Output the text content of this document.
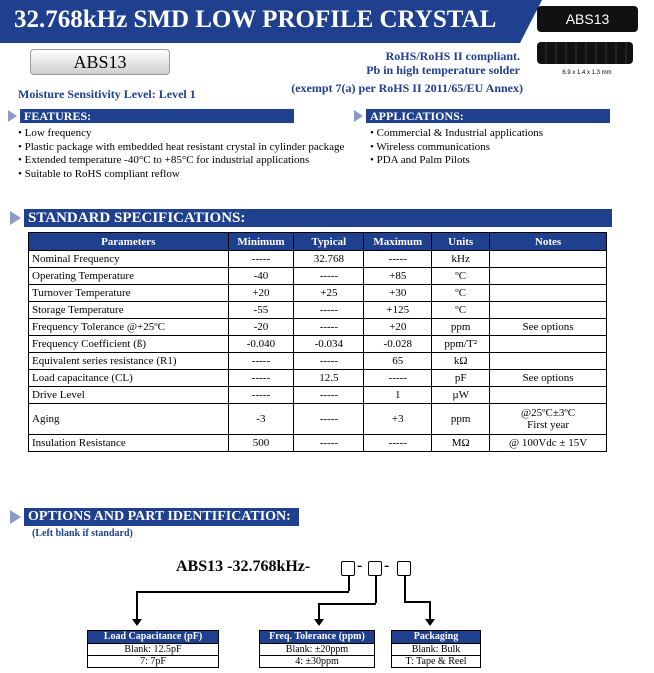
32.768kHz SMD LOW PROFILE CRYSTAL	ABS13
6.9 x 1.4 x 1.3 mm
ABS13	RoHS/RoHS II compliant.
Pb in high temperature solder
(exempt 7(a) per RoHS II 2011/65/EU Annex)
Moisture Sensitivity Level: Level 1
FEATURES:
• Low frequency
• Plastic package with embedded heat resistant crystal in cylinder package
• Extended temperature -40°C to +85°C for industrial applications
• Suitable to RoHS compliant reflow
APPLICATIONS:
• Commercial & Industrial applications
• Wireless communications
• PDA and Palm Pilots
STANDARD SPECIFICATIONS:
Parameters	Minimum	Typical	Maximum	Units	Notes
Nominal Frequency	-----	32.768	-----	kHz	
Operating Temperature	-40	-----	+85	ºC	
Turnover Temperature	+20	+25	+30	ºC	
Storage Temperature	-55	-----	+125	ºC	
Frequency Tolerance @+25ºC	-20	-----	+20	ppm	See options
Frequency Coefficient (ß)	-0.040	-0.034	-0.028	ppm/T²	
Equivalent series resistance (R1)	-----	-----	65	kΩ	
Load capacitance (CL)	-----	12.5	-----	pF	See options
Drive Level	-----	-----	1	µW	
Aging	-3	-----	+3	ppm	@25ºC±3ºC
First year
Insulation Resistance	500	-----	-----	MΩ	@ 100Vdc ± 15V
OPTIONS AND PART IDENTIFICATION:
(Left blank if standard)
ABS13 -32.768kHz-	- -
Load Capacitance (pF)
Blank: 12.5pF
7: 7pF
Freq. Tolerance (ppm)
Blank: ±20ppm
4: ±30ppm
Packaging
Blank: Bulk
T: Tape & Reel
